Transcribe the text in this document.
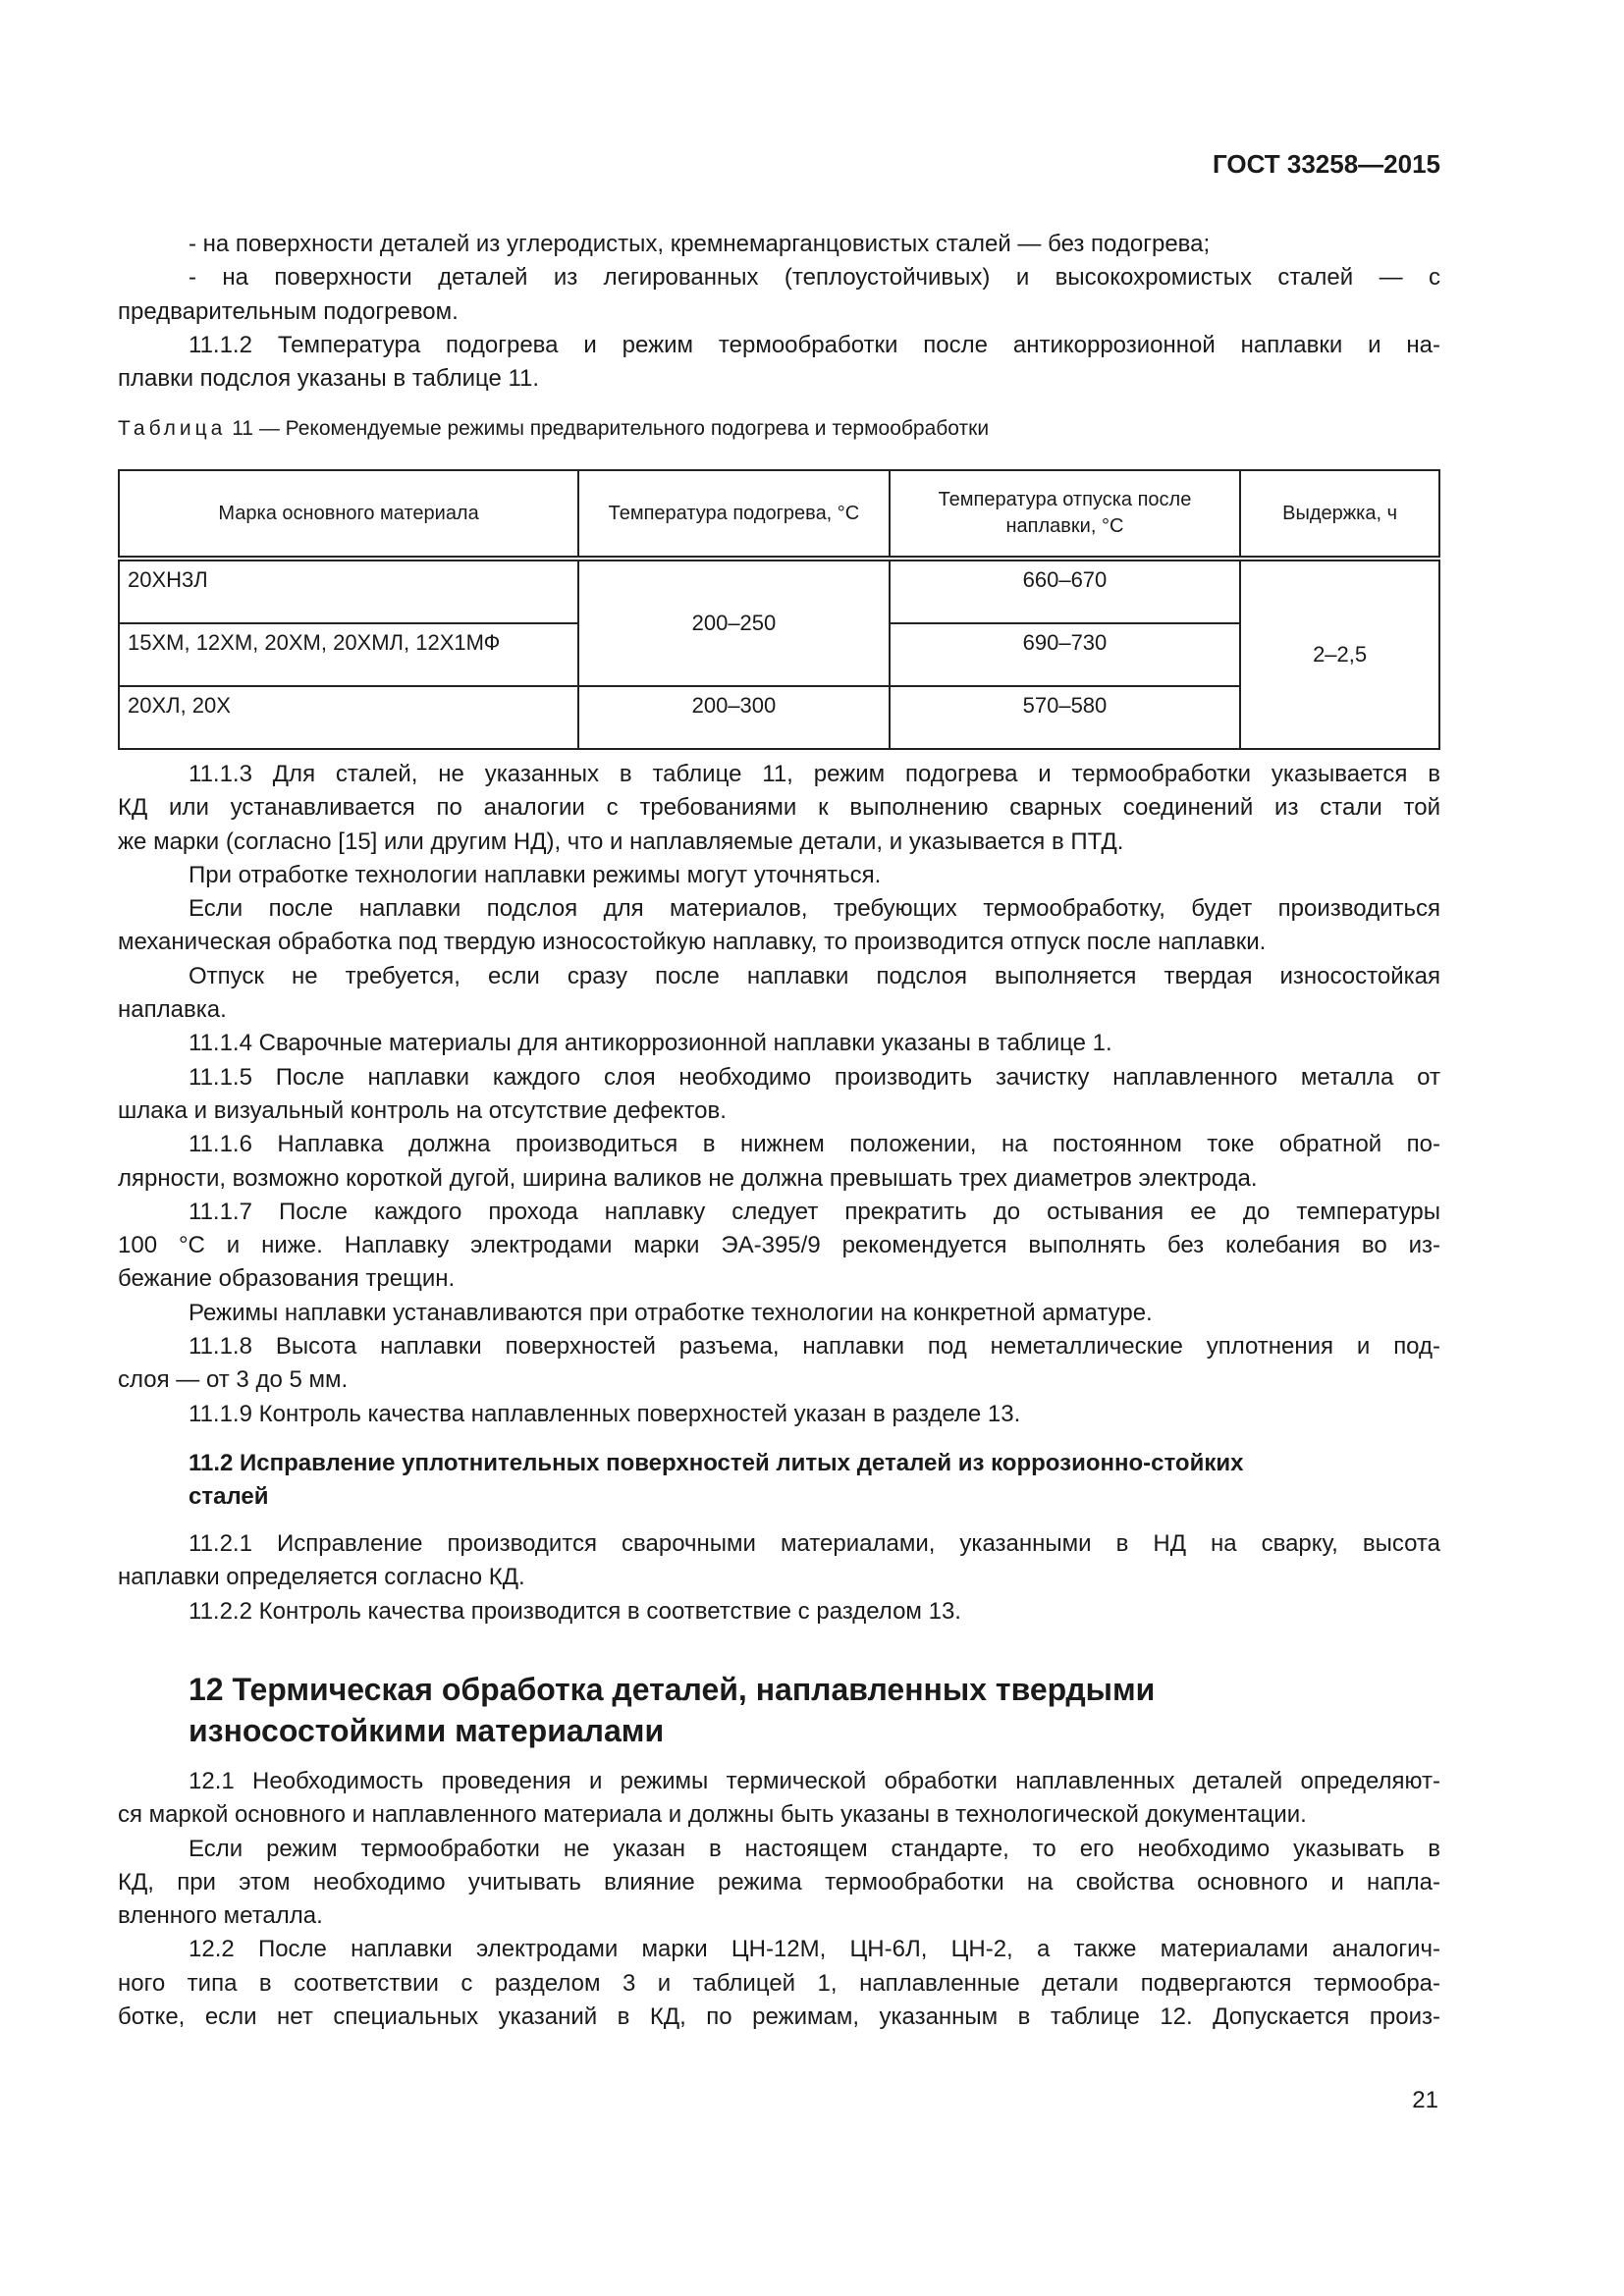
ГОСТ 33258—2015
- на поверхности деталей из углеродистых, кремнемарганцовистых сталей — без подогрева;
- на поверхности деталей из легированных (теплоустойчивых) и высокохромистых сталей — с
предварительным подогревом.
11.1.2 Температура подогрева и режим термообработки после антикоррозионной наплавки и на-
плавки подслоя указаны в таблице 11.
Таблица 11 — Рекомендуемые режимы предварительного подогрева и термообработки
Марка основного материала	Температура подогрева, °С	Температура отпуска после наплавки, °С	Выдержка, ч
20ХН3Л	200–250	660–670	2–2,5
15ХМ, 12ХМ, 20ХМ, 20ХМЛ, 12Х1МФ		690–730	
20ХЛ, 20Х	200–300	570–580	
11.1.3 Для сталей, не указанных в таблице 11, режим подогрева и термообработки указывается в
КД или устанавливается по аналогии с требованиями к выполнению сварных соединений из стали той
же марки (согласно [15] или другим НД), что и наплавляемые детали, и указывается в ПТД.
При отработке технологии наплавки режимы могут уточняться.
Если после наплавки подслоя для материалов, требующих термообработку, будет производиться
механическая обработка под твердую износостойкую наплавку, то производится отпуск после наплавки.
Отпуск не требуется, если сразу после наплавки подслоя выполняется твердая износостойкая
наплавка.
11.1.4 Сварочные материалы для антикоррозионной наплавки указаны в таблице 1.
11.1.5 После наплавки каждого слоя необходимо производить зачистку наплавленного металла от
шлака и визуальный контроль на отсутствие дефектов.
11.1.6 Наплавка должна производиться в нижнем положении, на постоянном токе обратной по-
лярности, возможно короткой дугой, ширина валиков не должна превышать трех диаметров электрода.
11.1.7 После каждого прохода наплавку следует прекратить до остывания ее до температуры
100 °С и ниже. Наплавку электродами марки ЭА-395/9 рекомендуется выполнять без колебания во из-
бежание образования трещин.
Режимы наплавки устанавливаются при отработке технологии на конкретной арматуре.
11.1.8 Высота наплавки поверхностей разъема, наплавки под неметаллические уплотнения и под-
слоя — от 3 до 5 мм.
11.1.9 Контроль качества наплавленных поверхностей указан в разделе 13.
11.2 Исправление уплотнительных поверхностей литых деталей из коррозионно-стойких
сталей
11.2.1 Исправление производится сварочными материалами, указанными в НД на сварку, высота
наплавки определяется согласно КД.
11.2.2 Контроль качества производится в соответствие с разделом 13.
12 Термическая обработка деталей, наплавленных твердыми
износостойкими материалами
12.1 Необходимость проведения и режимы термической обработки наплавленных деталей определяют-
ся маркой основного и наплавленного материала и должны быть указаны в технологической документации.
Если режим термообработки не указан в настоящем стандарте, то его необходимо указывать в
КД, при этом необходимо учитывать влияние режима термообработки на свойства основного и напла-
вленного металла.
12.2 После наплавки электродами марки ЦН-12М, ЦН-6Л, ЦН-2, а также материалами аналогич-
ного типа в соответствии с разделом 3 и таблицей 1, наплавленные детали подвергаются термообра-
ботке, если нет специальных указаний в КД, по режимам, указанным в таблице 12. Допускается произ-
21
